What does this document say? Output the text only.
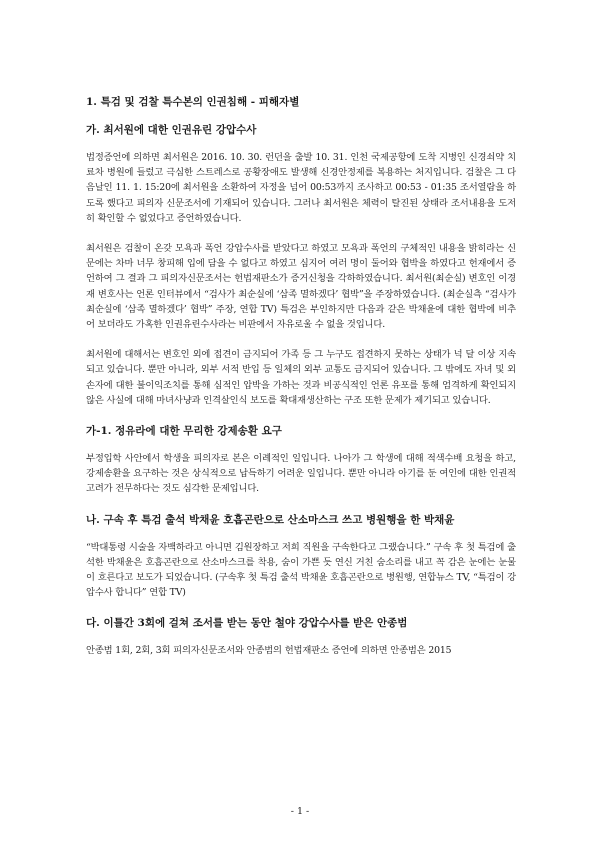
1. 특검 및 검찰 특수본의 인권침해 - 피해자별
가. 최서원에 대한 인권유린 강압수사

법정증언에 의하면 최서원은 2016. 10. 30. 런던을 출발 10. 31. 인천 국제공항에 도착 지병인 신경쇠약 치료차 병원에 들렀고 극심한 스트레스로 공황장애도 발생해 신경안정제를 복용하는 처지입니다. 검찰은 그 다음날인 11. 1. 15:20에 최서원을 소환하여 자정을 넘어 00:53까지 조사하고 00:53 - 01:35 조서열람을 하도록 했다고 피의자 신문조서에 기재되어 있습니다. 그러나 최서원은 체력이 탈진된 상태라 조서내용을 도저히 확인할 수 없었다고 증언하였습니다.

최서원은 검찰이 온갖 모욕과 폭언 강압수사를 받았다고 하였고 모욕과 폭언의 구체적인 내용을 밝히라는 신문에는 차마 너무 창피해 입에 담을 수 없다고 하였고 심지어 여러 명이 둘어와 협박을 하였다고 헌재에서 증언하여 그 결과 그 피의자신문조서는 헌법재판소가 증거신청을 각하하였습니다. 최서원(최순실) 변호인 이경재 변호사는 언론 인터뷰에서 “검사가 최순실에 ‘삼족 멸하겠다’ 협박”을 주장하였습니다. (최순실측 “검사가 최순실에 ‘삼족 멸하겠다’ 협박” 주장, 연합 TV) 특검은 부인하지만 다음과 같은 박채윤에 대한 협박에 비추어 보더라도 가혹한 인권유린수사라는 비판에서 자유로울 수 없을 것입니다.

최서원에 대해서는 변호인 외에 접견이 금지되어 가족 등 그 누구도 접견하지 못하는 상태가 넉 달 이상 지속되고 있습니다. 뿐만 아니라, 외부 서적 반입 등 일체의 외부 교통도 금지되어 있습니다. 그 밖에도 자녀 및 외손자에 대한 불이익조치를 통해 심적인 압박을 가하는 것과 비공식적인 언론 유포를 통해 엄격하게 확인되지 않은 사실에 대해 마녀사냥과 인격살인식 보도를 확대재생산하는 구조 또한 문제가 제기되고 있습니다.

가-1. 정유라에 대한 무리한 강제송환 요구

부정입학 사안에서 학생을 피의자로 본은 이례적인 일입니다. 나아가 그 학생에 대해 적색수배 요청을 하고, 강제송환을 요구하는 것은 상식적으로 납득하기 어려운 일입니다. 뿐만 아니라 아기를 둔 여인에 대한 인권적 고려가 전무하다는 것도 심각한 문제입니다.

나. 구속 후 특검 출석 박채윤 호흡곤란으로 산소마스크 쓰고 병원행을 한 박채윤

“박대통령 시술을 자백하라고 아니면 김원장하고 저희 직원을 구속한다고 그랬습니다.” 구속 후 첫 특검에 출석한 박채윤은 호흡곤란으로 산소마스크를 착용, 숨이 가쁜 듯 연신 거친 숨소리를 내고 꼭 감은 눈에는 눈물이 흐른다고 보도가 되었습니다. (구속후 첫 특검 출석 박채윤 호흡곤란으로 병원행, 연합뉴스 TV, “특검이 강압수사 합니다” 연합 TV)

다. 이틀간 3회에 걸쳐 조서를 받는 동안 철야 강압수사를 받은 안종범

안종범 1회, 2회, 3회 피의자신문조서와 안종범의 헌법재판소 증언에 의하면 안종범은 2015

- 1 -
